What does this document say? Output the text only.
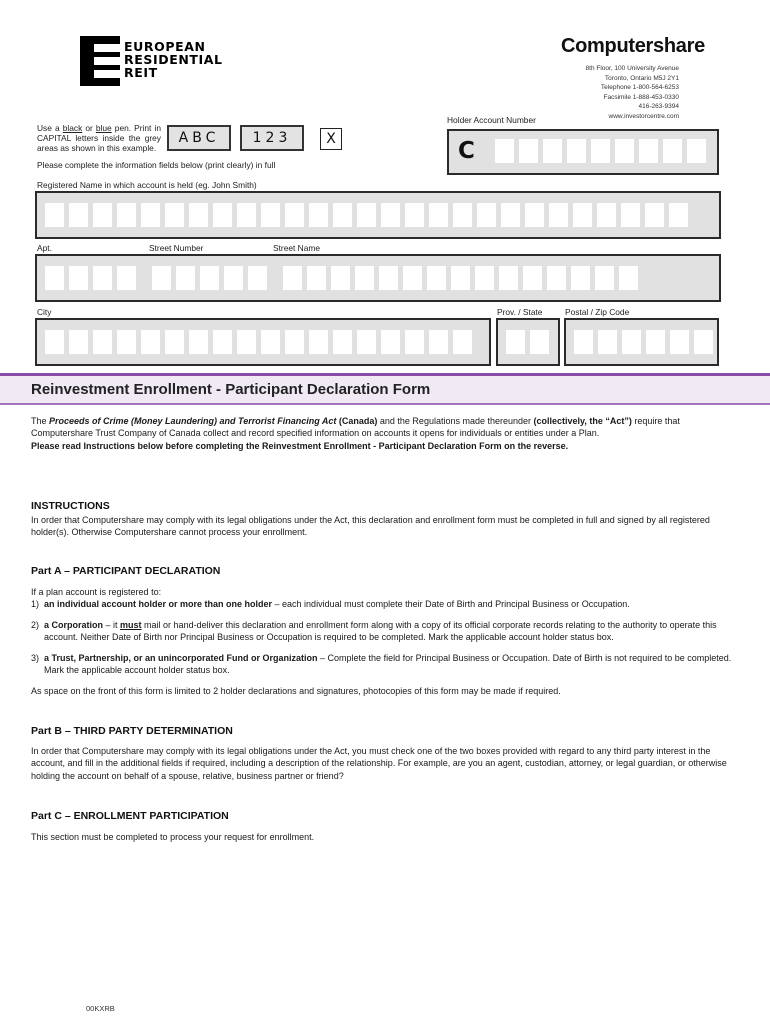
EUROPEAN
RESIDENTIAL
REIT
Computershare
8th Floor, 100 University Avenue
Toronto, Ontario M5J 2Y1
Telephone 1-800-564-6253
Facsimile 1-888-453-0330
416-263-9394
www.investorcentre.com
Use a black or blue pen. Print in CAPITAL letters inside the grey areas as shown in this example.
ABC	123	X
Please complete the information fields below (print clearly) in full
Holder Account Number
C
Registered Name in which account is held (eg. John Smith)
Apt.	Street Number	Street Name
City	Prov. / State	Postal / Zip Code
Reinvestment Enrollment - Participant Declaration Form
The Proceeds of Crime (Money Laundering) and Terrorist Financing Act (Canada) and the Regulations made thereunder (collectively, the “Act”) require that Computershare Trust Company of Canada collect and record specified information on accounts it opens for individuals or entities under a Plan.
Please read Instructions below before completing the Reinvestment Enrollment - Participant Declaration Form on the reverse.
INSTRUCTIONS
In order that Computershare may comply with its legal obligations under the Act, this declaration and enrollment form must be completed in full and signed by all registered holder(s). Otherwise Computershare cannot process your enrollment.
Part A – PARTICIPANT DECLARATION
If a plan account is registered to:
1) an individual account holder or more than one holder – each individual must complete their Date of Birth and Principal Business or Occupation.
2) a Corporation – it must mail or hand-deliver this declaration and enrollment form along with a copy of its official corporate records relating to the authority to operate this account. Neither Date of Birth nor Principal Business or Occupation is required to be completed. Mark the applicable account holder status box.
3) a Trust, Partnership, or an unincorporated Fund or Organization – Complete the field for Principal Business or Occupation. Date of Birth is not required to be completed. Mark the applicable account holder status box.
As space on the front of this form is limited to 2 holder declarations and signatures, photocopies of this form may be made if required.
Part B – THIRD PARTY DETERMINATION
In order that Computershare may comply with its legal obligations under the Act, you must check one of the two boxes provided with regard to any third party interest in the account, and fill in the additional fields if required, including a description of the relationship. For example, are you an agent, custodian, attorney, or legal guardian, or otherwise holding the account on behalf of a spouse, relative, business partner or friend?
Part C – ENROLLMENT PARTICIPATION
This section must be completed to process your request for enrollment.
00KXRB
